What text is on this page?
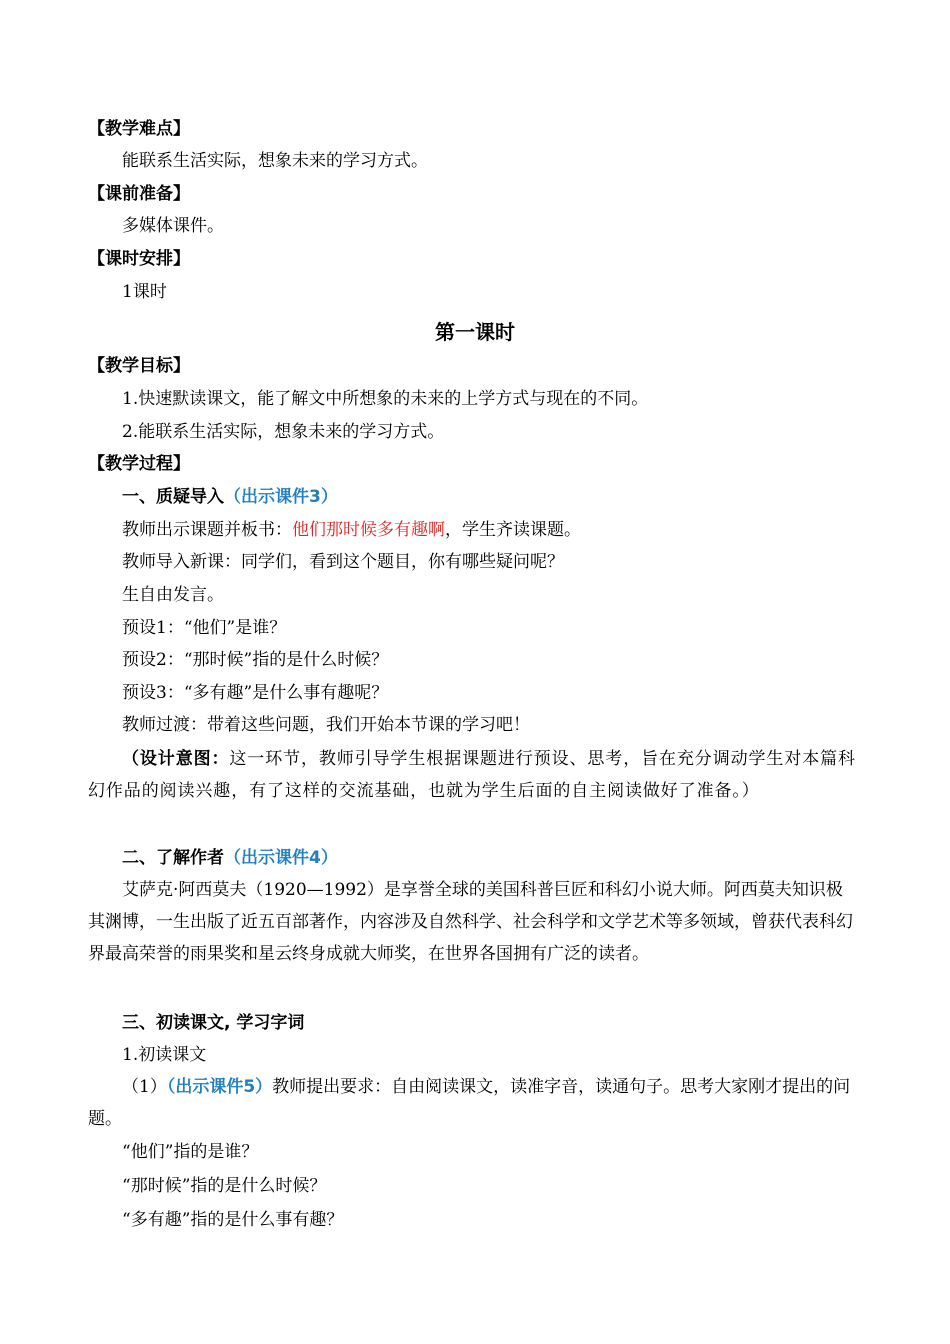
【教学难点】
能联系生活实际，想象未来的学习方式。
【课前准备】
多媒体课件。
【课时安排】
1课时
第一课时
【教学目标】
1.快速默读课文，能了解文中所想象的未来的上学方式与现在的不同。
2.能联系生活实际，想象未来的学习方式。
【教学过程】
一、质疑导入（出示课件3）
教师出示课题并板书：他们那时候多有趣啊，学生齐读课题。
教师导入新课：同学们，看到这个题目，你有哪些疑问呢？
生自由发言。
预设1：“他们”是谁？
预设2：“那时候”指的是什么时候？
预设3：“多有趣”是什么事有趣呢？
教师过渡：带着这些问题，我们开始本节课的学习吧！
（设计意图：这一环节，教师引导学生根据课题进行预设、思考，旨在充分调动学生对本篇科幻作品的阅读兴趣，有了这样的交流基础，也就为学生后面的自主阅读做好了准备。）
二、了解作者（出示课件4）
艾萨克·阿西莫夫（1920—1992）是享誉全球的美国科普巨匠和科幻小说大师。阿西莫夫知识极其渊博，一生出版了近五百部著作，内容涉及自然科学、社会科学和文学艺术等多领域，曾获代表科幻界最高荣誉的雨果奖和星云终身成就大师奖，在世界各国拥有广泛的读者。
三、初读课文, 学习字词
1.初读课文
（1）（出示课件5）教师提出要求：自由阅读课文，读准字音，读通句子。思考大家刚才提出的问题。
“他们”指的是谁？
“那时候”指的是什么时候？
“多有趣”指的是什么事有趣？
